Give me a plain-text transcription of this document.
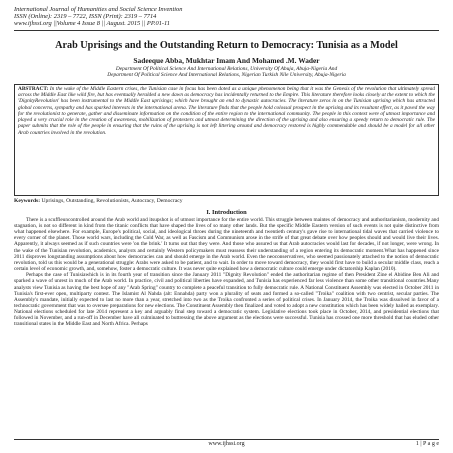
International Journal of Humanities and Social Science Invention
ISSN (Online): 2319 – 7722, ISSN (Print): 2319 – 7714
www.ijhssi.org ||Volume 4 Issue 8 || August. 2015 || PP.01-11
Arab Uprisings and the Outstanding Return to Democracy: Tunisia as a Model
Sadeeque Abba, Mukhtar Imam And Mohamed .M. Wader
Department Of Political Science And International Relations, University Of Abuja, Abuja-Nigeria And
Department Of Political Science And International Relations, Nigerian Turkish Nile University, Abuja-Nigeria
ABSTRACT: In the wake of the Middle Eastern crises, the Tunisian case in focus has been doted as a unique phenomenon being that it was the Genesis of the revolution that ultimately spread across the Middle East like wild fire, but has eventually heralded a new dawn as democracy has incidentally returned to the Empire. This literature therefore looks closely at the extent to which the 'DignityRevolution' has been instrumental to the Middle East uprisings; which have brought an end to dynastic autocracies. The literature zeros in on the Tunisian uprising which has attracted global concerns, sympathy and has sparked interests in the international arena. The literature finds that the people hold colossal prospect in the uprising and its resultant effect, as it paved the way for the revolutionist to generate, gather and disseminate information on the condition of the entire region to the international community. The people in this context were of utmost importance and played a very crucial role in the creation of awareness, mobilization of protesters and utmost determining the direction of the uprising and also ensuring a speedy return to democratic rule. The paper submits that the role of the people in ensuring that the ruins of the uprising is not left littering around and democracy restored is highly commendable and should be a model for all other Arab countries involved in the revolution.
Keywords: Uprisings, Outstanding, Revolutionists, Autocracy, Democracy
I. Introduction

There is a scuffleuncontrolled around the Arab world and itsupshot is of utmost importance for the entire world. This struggle between maintes of democracy and authoritarianism, modernity and stagnation, is not so different in kind from the titanic conflicts that have shaped the lives of so many other lands. But the specific Middle Eastern version of such events is not quite distinctive from what happened elsewhere. For example, Europe's political, social, and ideological throes during the nineteenth and twentieth century's gave rise to international tidal waves that carried violence to every corner of the planet. Those world wars, including the Cold War, as well as Fascism and Communism arose in the strife of that great debate over how peoples should and would live their lives. Apparently, it always seemed as if such countries were 'on the brink.' It turns out that they were. And those who assured us that Arab autocracies would last for decades, if not longer, were wrong. In the wake of the Tunisian revolution, academics, analysts and certainly Western policymakers must reassess their understanding of a region entering its democratic moment.What has happened since 2011 disproves longstanding assumptions about how democracies can and should emerge in the Arab world. Even the neoconservatives, who seemed passionately attached to the notion of democratic revolution, told us this would be a generational struggle: Arabs were asked to be patient, and to wait. In order to move toward democracy, they would first have to build a secular middle class, reach a certain level of economic growth, and, somehow, foster a democratic culture. It was never quite explained how a democratic culture could emerge under dictatorship Kaplan (2010).

Perhaps the case of Tunisiawhich is in its fourth year of transition since the January 2011 "Dignity Revolution" ended the authoritarian regime of then President Zine el Abidine Ben Ali and sparked a wave of unrest in much of the Arab world. In practice, civil and political liberties have expanded, and Tunisia has experienced far less violence than some other transitional countries.Many analysts view Tunisia as having the best hope of any "Arab Spring" country to complete a peaceful transition to fully democratic rule. A National Constituent Assembly was elected in October 2011 in Tunisia's first-ever open, multiparty contest. The Islamist Al Nahda (alt: Ennahda) party won a plurality of seats and formed a so-called "Troika" coalition with two centrist, secular parties. The Assembly's mandate, initially expected to last no more than a year, stretched into two as the Troika confronted a series of political crises. In January 2014, the Troika was dissolved in favor of a technocratic government that was to oversee preparations for new elections. The Constituent Assembly then finalized and voted to adopt a new constitution which has been widely hailed as exemplary. National elections scheduled for late 2014 represent a key and arguably final step toward a democratic system. Legislative elections took place in October, 2014, and presidential elections that followed in November, and a run-off in December have all culminated to buttressing the above argument as the elections were successful. Tunisia has crossed one more threshold that has eluded other transitional states in the Middle East and North Africa. Perhaps

www.ijhssi.org	1 | P a g e
